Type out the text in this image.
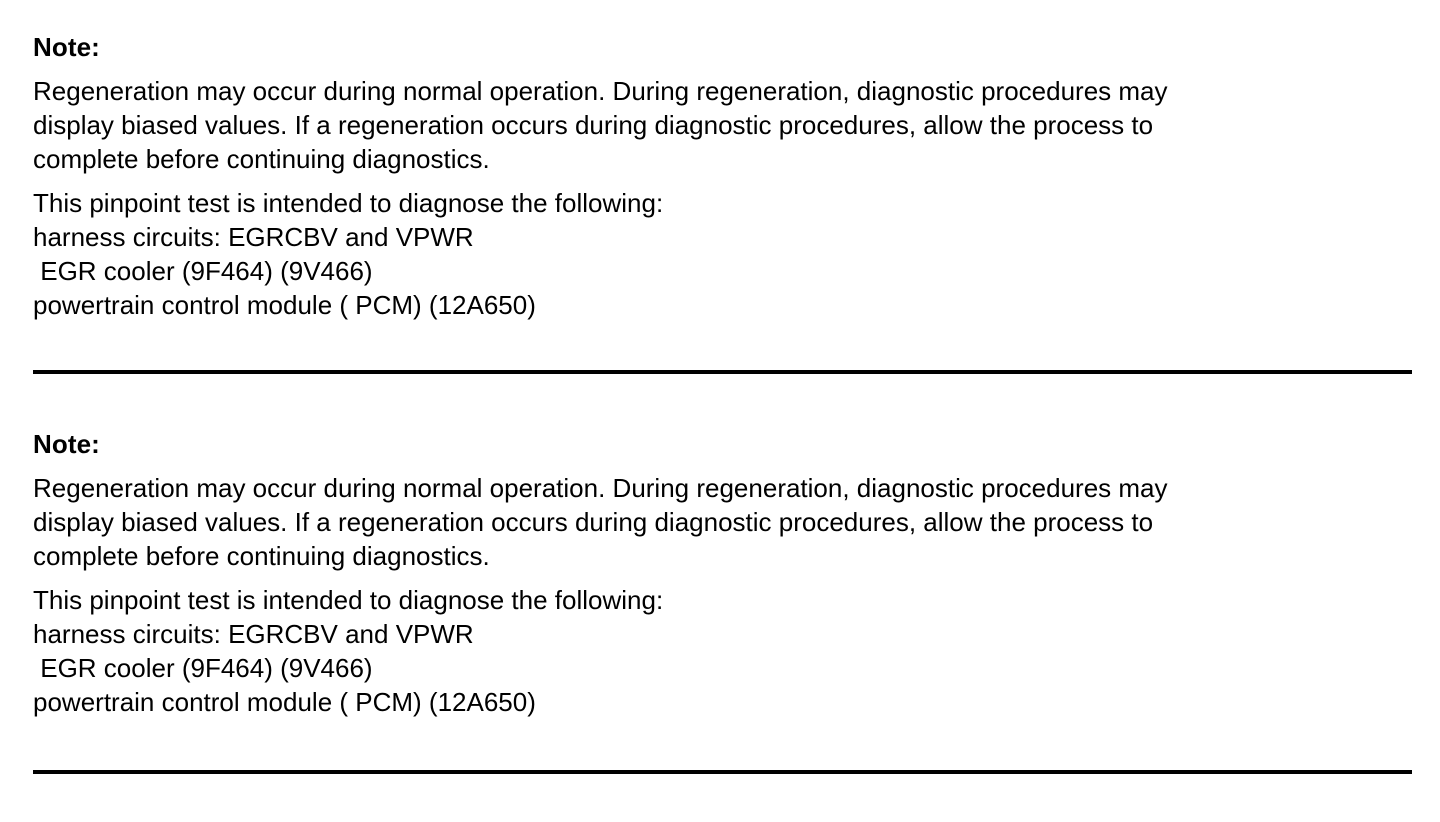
Note:
Regeneration may occur during normal operation. During regeneration, diagnostic procedures may
display biased values. If a regeneration occurs during diagnostic procedures, allow the process to
complete before continuing diagnostics.
This pinpoint test is intended to diagnose the following:
harness circuits: EGRCBV and VPWR
EGR cooler (9F464) (9V466)
powertrain control module ( PCM) (12A650)
Note:
Regeneration may occur during normal operation. During regeneration, diagnostic procedures may
display biased values. If a regeneration occurs during diagnostic procedures, allow the process to
complete before continuing diagnostics.
This pinpoint test is intended to diagnose the following:
harness circuits: EGRCBV and VPWR
EGR cooler (9F464) (9V466)
powertrain control module ( PCM) (12A650)
